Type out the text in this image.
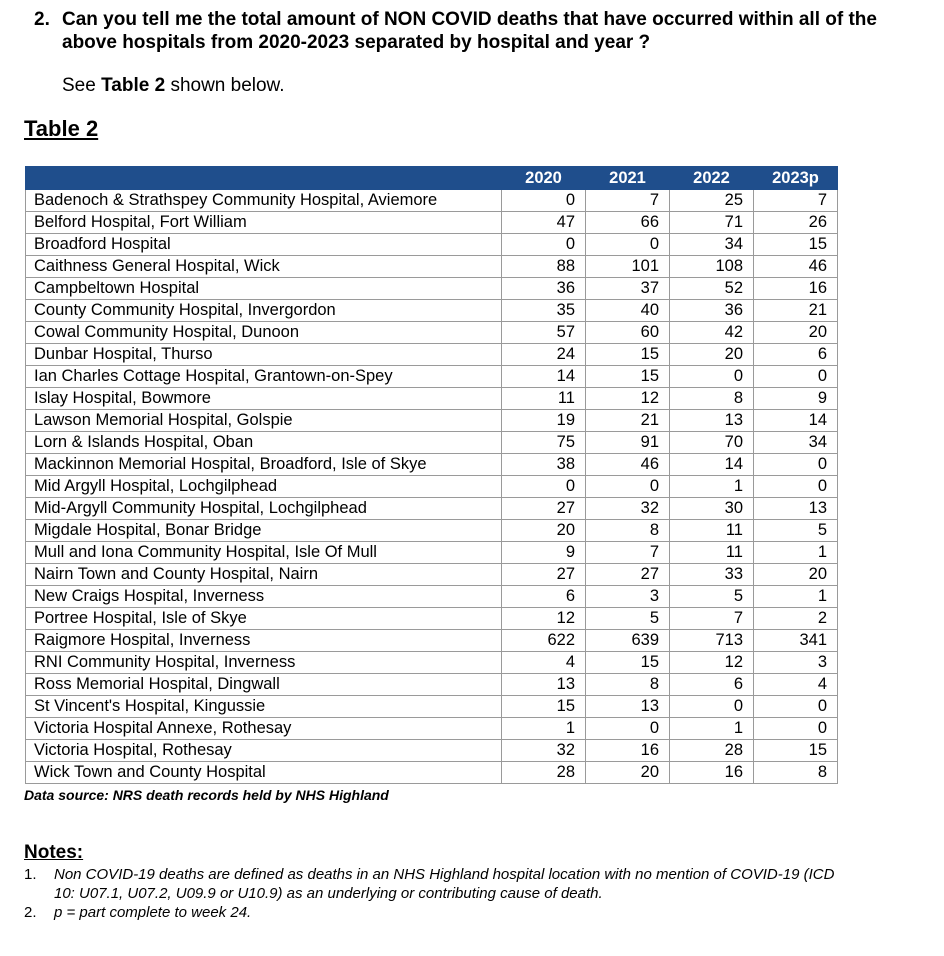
2. Can you tell me the total amount of NON COVID deaths that have occurred within all of the above hospitals from 2020-2023 separated by hospital and year ?
See Table 2 shown below.
Table 2
	2020	2021	2022	2023p
Badenoch & Strathspey Community Hospital, Aviemore	0	7	25	7
Belford Hospital, Fort William	47	66	71	26
Broadford Hospital	0	0	34	15
Caithness General Hospital, Wick	88	101	108	46
Campbeltown Hospital	36	37	52	16
County Community Hospital, Invergordon	35	40	36	21
Cowal Community Hospital, Dunoon	57	60	42	20
Dunbar Hospital, Thurso	24	15	20	6
Ian Charles Cottage Hospital, Grantown-on-Spey	14	15	0	0
Islay Hospital, Bowmore	11	12	8	9
Lawson Memorial Hospital, Golspie	19	21	13	14
Lorn & Islands Hospital, Oban	75	91	70	34
Mackinnon Memorial Hospital, Broadford, Isle of Skye	38	46	14	0
Mid Argyll Hospital, Lochgilphead	0	0	1	0
Mid-Argyll Community Hospital, Lochgilphead	27	32	30	13
Migdale Hospital, Bonar Bridge	20	8	11	5
Mull and Iona Community Hospital, Isle Of Mull	9	7	11	1
Nairn Town and County Hospital, Nairn	27	27	33	20
New Craigs Hospital, Inverness	6	3	5	1
Portree Hospital, Isle of Skye	12	5	7	2
Raigmore Hospital, Inverness	622	639	713	341
RNI Community Hospital, Inverness	4	15	12	3
Ross Memorial Hospital, Dingwall	13	8	6	4
St Vincent's Hospital, Kingussie	15	13	0	0
Victoria Hospital Annexe, Rothesay	1	0	1	0
Victoria Hospital, Rothesay	32	16	28	15
Wick Town and County Hospital	28	20	16	8
Data source: NRS death records held by NHS Highland
Notes:
1. Non COVID-19 deaths are defined as deaths in an NHS Highland hospital location with no mention of COVID-19 (ICD 10: U07.1, U07.2, U09.9 or U10.9) as an underlying or contributing cause of death.
2. p = part complete to week 24.
